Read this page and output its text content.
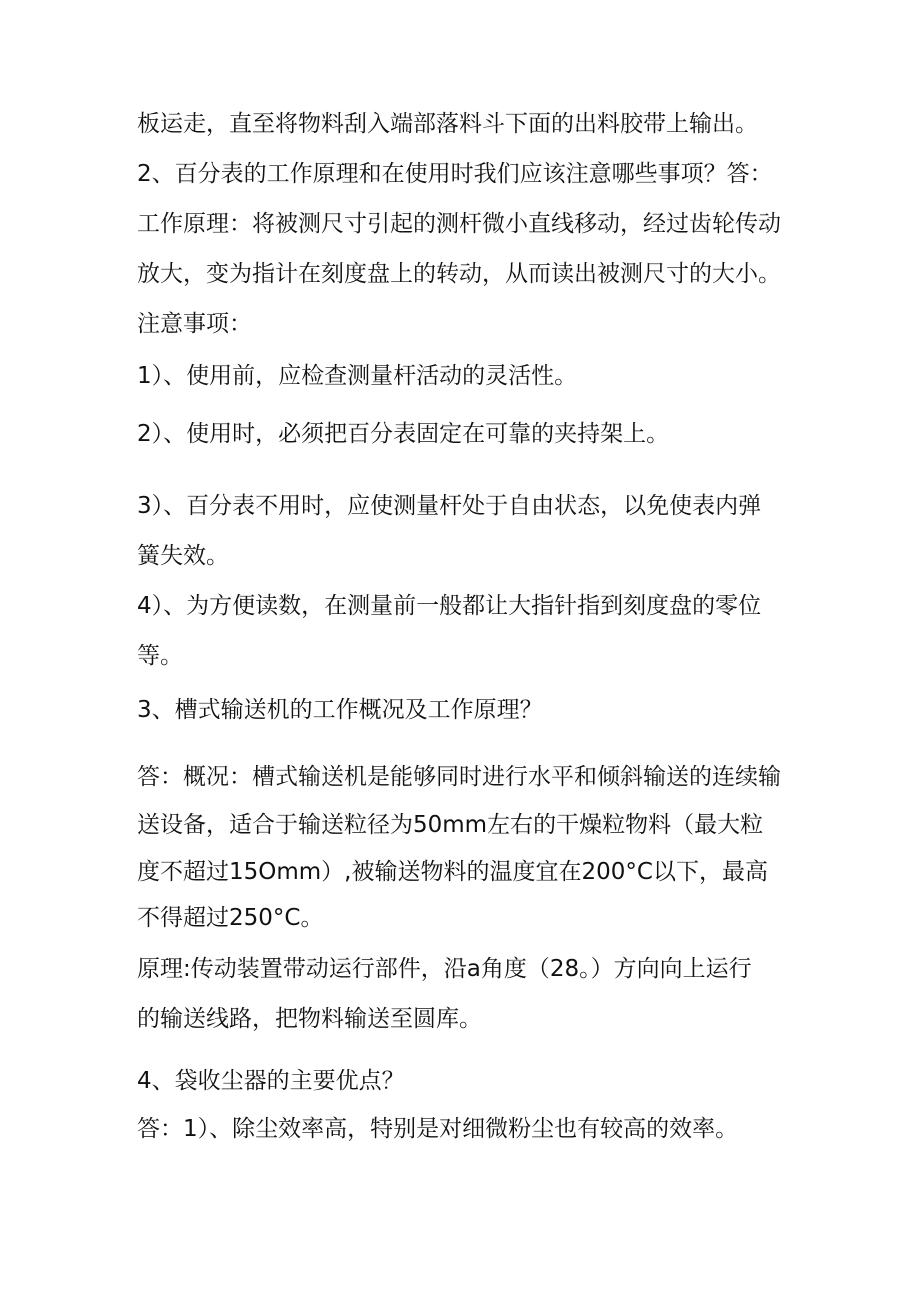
板运走，直至将物料刮入端部落料斗下面的出料胶带上输出。
2、百分表的工作原理和在使用时我们应该注意哪些事项？答：
工作原理：将被测尺寸引起的测杆微小直线移动，经过齿轮传动
放大，变为指计在刻度盘上的转动，从而读出被测尺寸的大小。
注意事项：
1）、使用前，应检查测量杆活动的灵活性。
2）、使用时，必须把百分表固定在可靠的夹持架上。
3）、百分表不用时，应使测量杆处于自由状态，以免使表内弹
簧失效。
4）、为方便读数，在测量前一般都让大指针指到刻度盘的零位
等。
3、槽式输送机的工作概况及工作原理？
答：概况：槽式输送机是能够同时进行水平和倾斜输送的连续输
送设备，适合于输送粒径为50mm左右的干燥粒物料（最大粒
度不超过15Omm）,被输送物料的温度宜在200°C以下，最高
不得超过250°C。
原理:传动装置带动运行部件，沿a角度（28。）方向向上运行
的输送线路，把物料输送至圆库。
4、袋收尘器的主要优点？
答：1）、除尘效率高，特别是对细微粉尘也有较高的效率。
